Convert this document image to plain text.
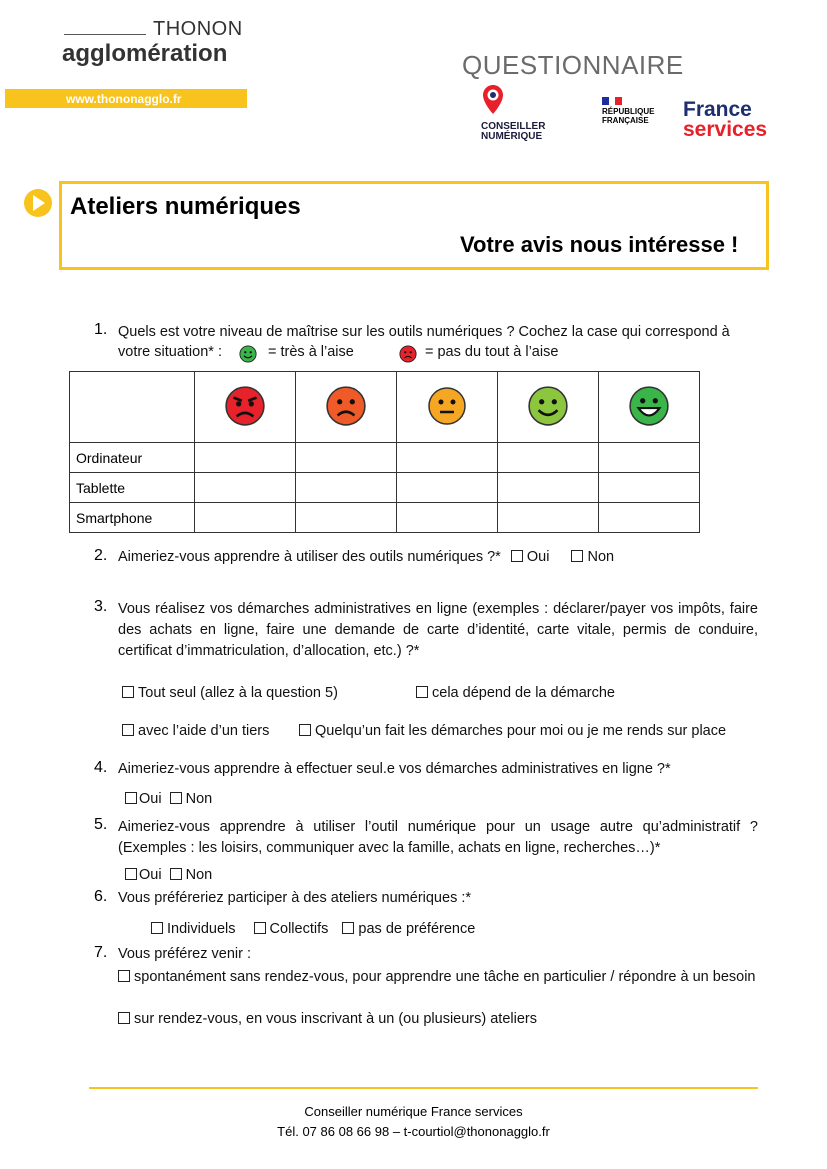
THONON
agglomération
www.thononagglo.fr
QUESTIONNAIRE
CONSEILLER
NUMÉRIQUE
RÉPUBLIQUE
FRANÇAISE France
services
Ateliers numériques
Votre avis nous intéresse !
1. Quels est votre niveau de maîtrise sur les outils numériques ? Cochez la case qui correspond à
votre situation* :	= très à l’aise	= pas du tout à l’aise

Ordinateur					
Tablette					
Smartphone					
2. Aimeriez-vous apprendre à utiliser des outils numériques ?* Oui	Non
3. Vous réalisez vos démarches administratives en ligne (exemples : déclarer/payer vos impôts, faire des achats en ligne, faire une demande de carte d’identité, carte vitale, permis de conduire, certificat d’immatriculation, d’allocation, etc.) ?*
Tout seul (allez à la question 5)	cela dépend de la démarche
avec l’aide d’un tiers	Quelqu’un fait les démarches pour moi ou je me rends sur place
4. Aimeriez-vous apprendre à effectuer seul.e vos démarches administratives en ligne ?*
Oui Non
5. Aimeriez-vous apprendre à utiliser l’outil numérique pour un usage autre qu’administratif ? (Exemples : les loisirs, communiquer avec la famille, achats en ligne, recherches…)*
Oui Non
6. Vous préféreriez participer à des ateliers numériques :*
Individuels Collectifs pas de préférence
7. Vous préférez venir :
spontanément sans rendez-vous, pour apprendre une tâche en particulier / répondre à un besoin
sur rendez-vous, en vous inscrivant à un (ou plusieurs) ateliers
Conseiller numérique France services
Tél. 07 86 08 66 98 – t-courtiol@thononagglo.fr
